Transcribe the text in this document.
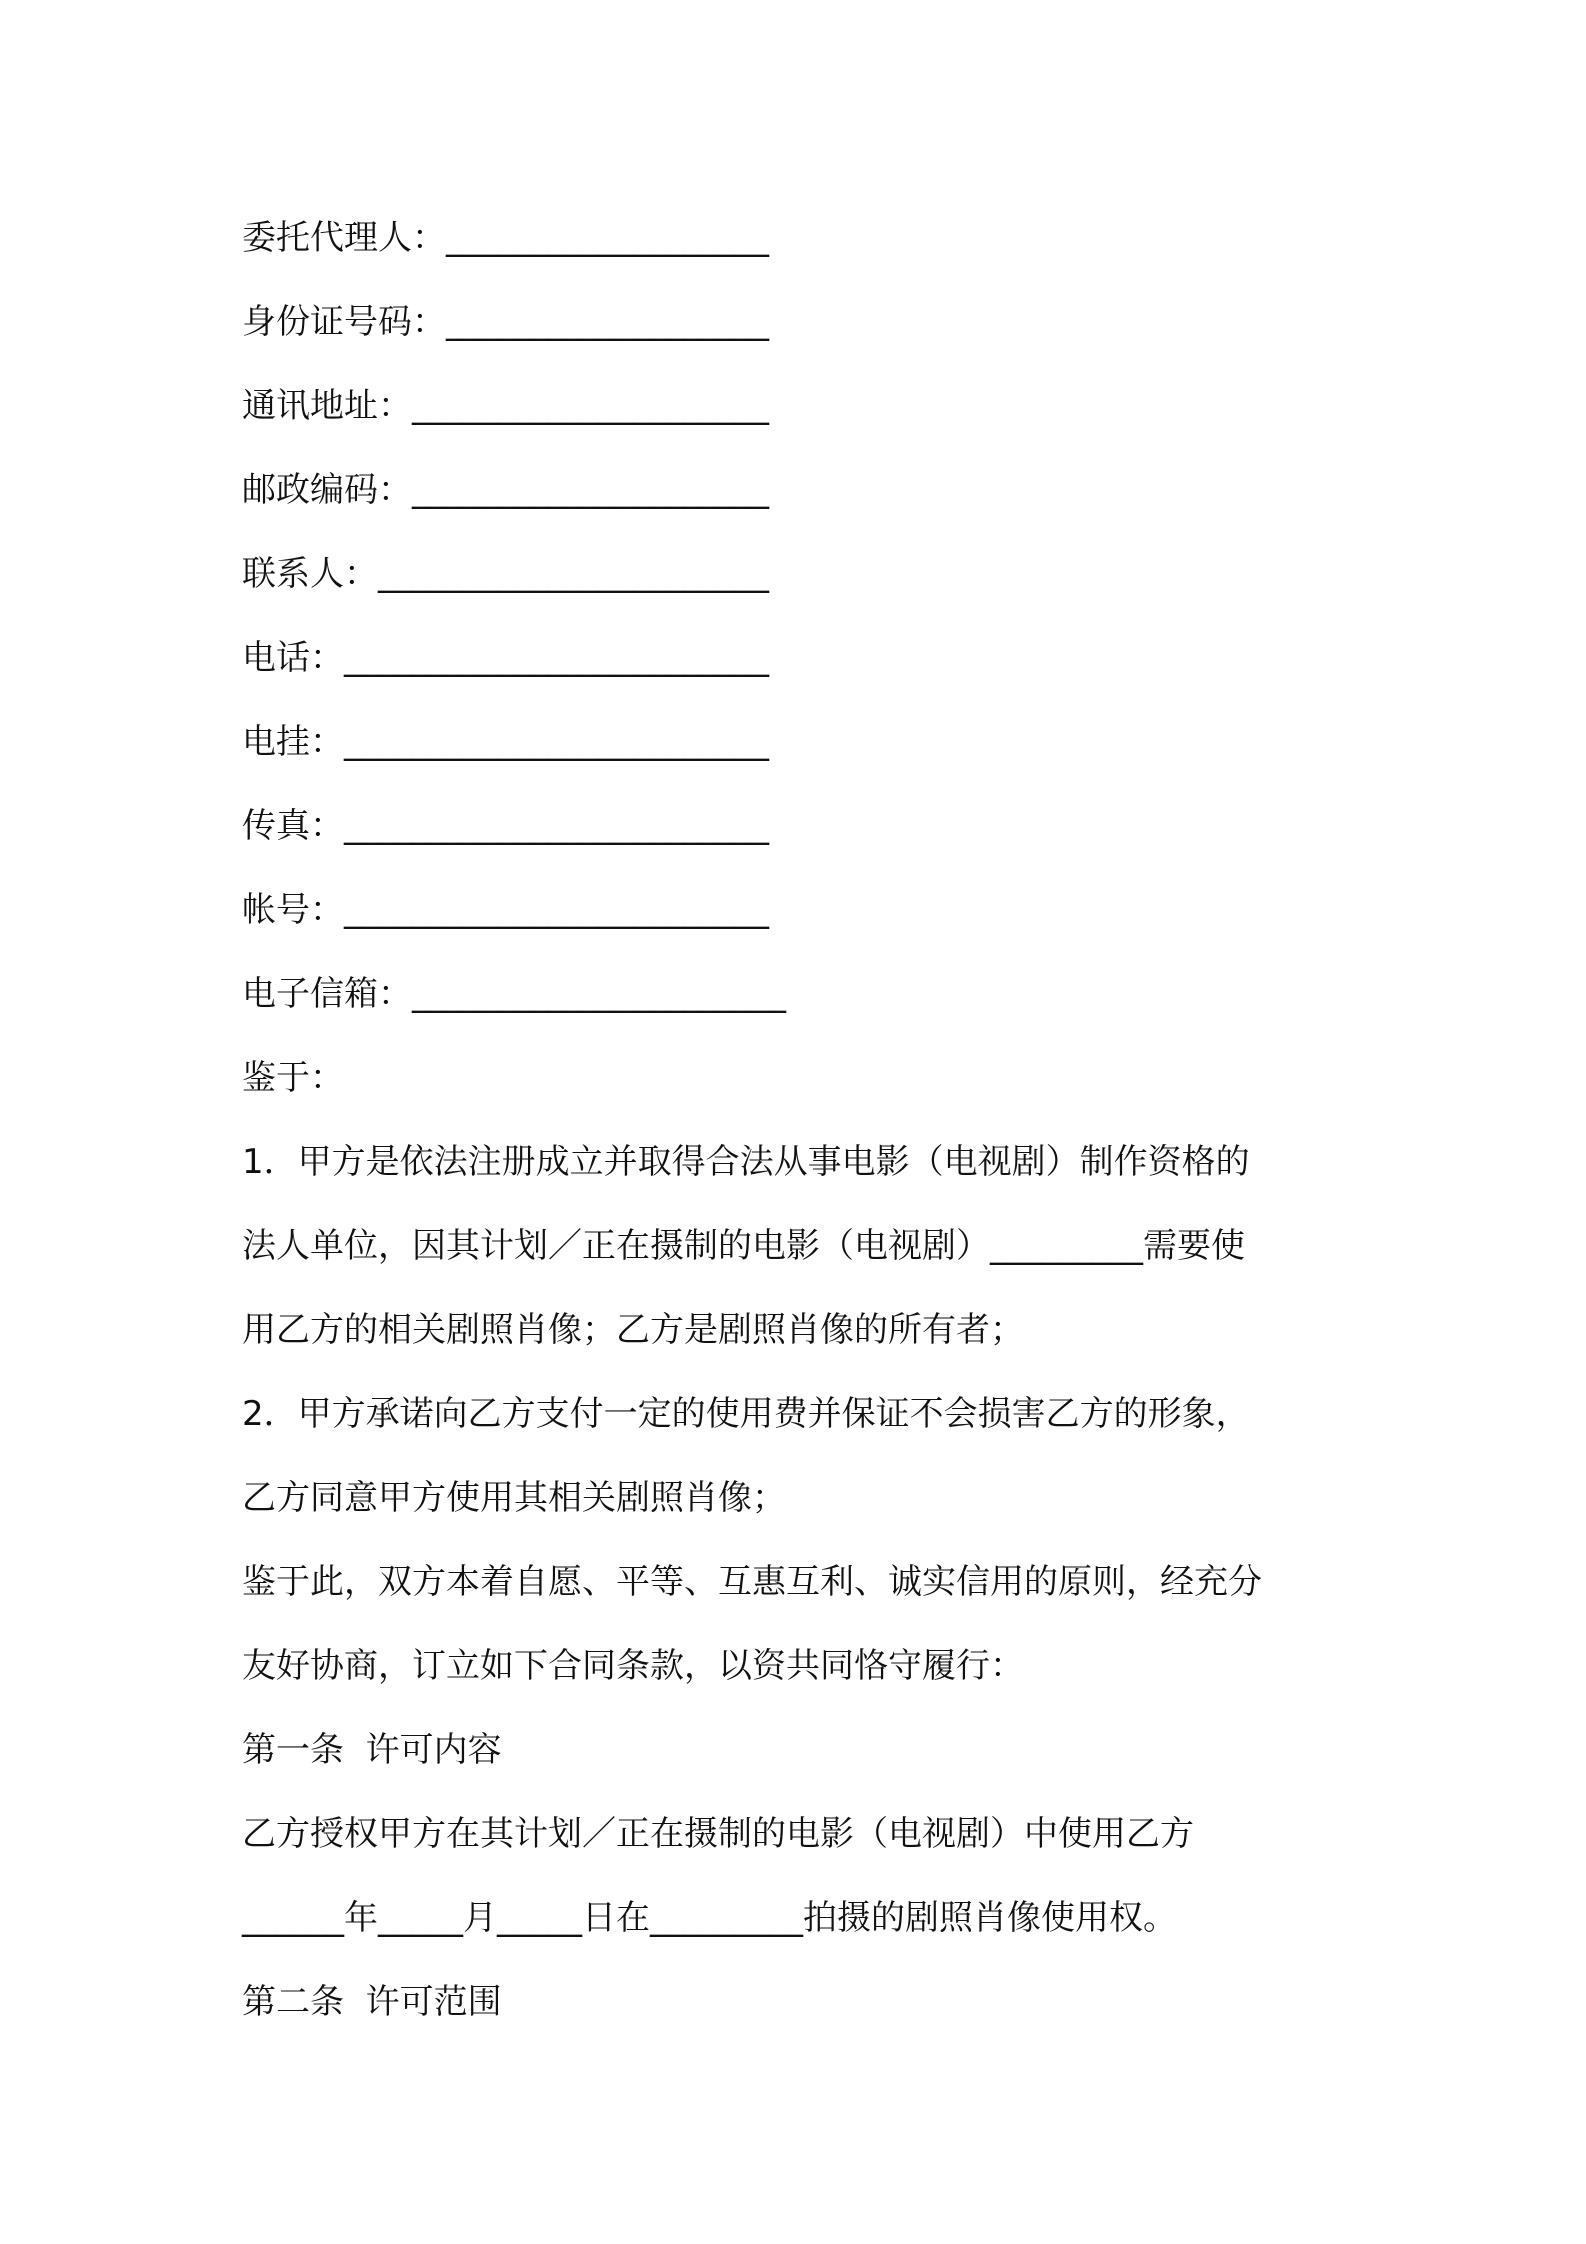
委托代理人：___________________
身份证号码：___________________
通讯地址：_____________________
邮政编码：_____________________
联系人：_______________________
电话：_________________________
电挂：_________________________
传真：_________________________
帐号：_________________________
电子信箱：______________________
鉴于：
1．甲方是依法注册成立并取得合法从事电影（电视剧）制作资格的
法人单位，因其计划／正在摄制的电影（电视剧）_________需要使
用乙方的相关剧照肖像；乙方是剧照肖像的所有者；
2．甲方承诺向乙方支付一定的使用费并保证不会损害乙方的形象，
乙方同意甲方使用其相关剧照肖像；
鉴于此，双方本着自愿、平等、互惠互利、诚实信用的原则，经充分
友好协商，订立如下合同条款，以资共同恪守履行：
第一条  许可内容
乙方授权甲方在其计划／正在摄制的电影（电视剧）中使用乙方
______年_____月_____日在_________拍摄的剧照肖像使用权。
第二条  许可范围
